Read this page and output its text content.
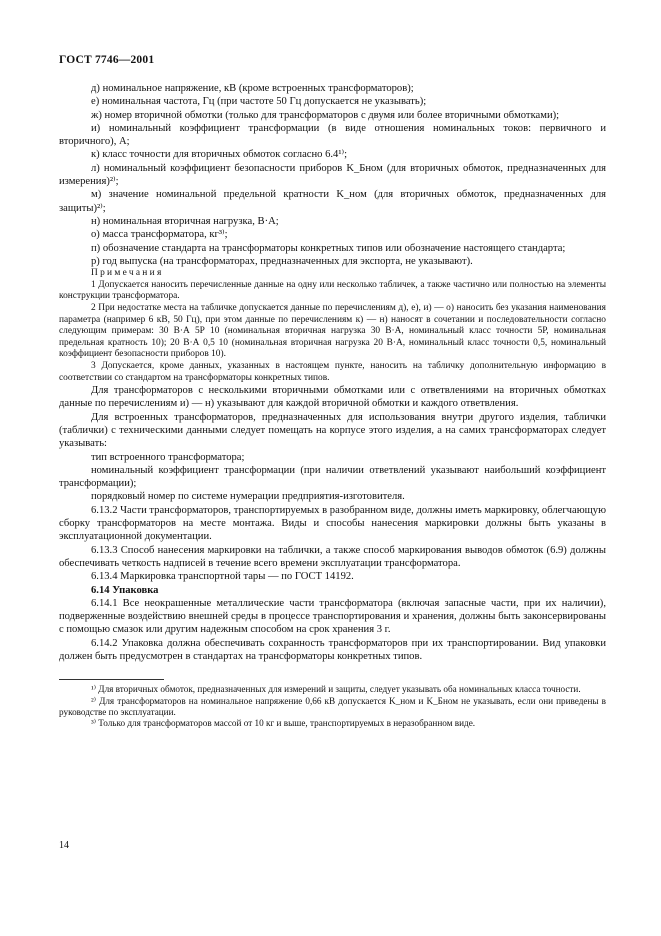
ГОСТ 7746—2001

д) номинальное напряжение, кВ (кроме встроенных трансформаторов);

е) номинальная частота, Гц (при частоте 50 Гц допускается не указывать);

ж) номер вторичной обмотки (только для трансформаторов с двумя или более вторичными обмотками);

и) номинальный коэффициент трансформации (в виде отношения номинальных токов: первичного и вторичного), А;

к) класс точности для вторичных обмоток согласно 6.4¹⁾;

л) номинальный коэффициент безопасности приборов K_Бном (для вторичных обмоток, предназначенных для измерения)²⁾;

м) значение номинальной предельной кратности K_ном (для вторичных обмоток, предназначенных для защиты)²⁾;

н) номинальная вторичная нагрузка, В·А;

о) масса трансформатора, кг³⁾;

п) обозначение стандарта на трансформаторы конкретных типов или обозначение настоящего стандарта;

р) год выпуска (на трансформаторах, предназначенных для экспорта, не указывают).

Примечания

1 Допускается наносить перечисленные данные на одну или несколько табличек, а также частично или полностью на элементы конструкции трансформатора.

2 При недостатке места на табличке допускается данные по перечислениям д), е), и) — о) наносить без указания наименования параметра (например 6 кВ, 50 Гц), при этом данные по перечислениям к) — н) наносят в сочетании и последовательности согласно следующим примерам: 30 В·А 5Р 10 (номинальная вторичная нагрузка 30 В·А, номинальный класс точности 5Р, номинальная предельная кратность 10); 20 В·А 0,5 10 (номинальная вторичная нагрузка 20 В·А, номинальный класс точности 0,5, номинальный коэффициент безопасности приборов 10).

3 Допускается, кроме данных, указанных в настоящем пункте, наносить на табличку дополнительную информацию в соответствии со стандартом на трансформаторы конкретных типов.

Для трансформаторов с несколькими вторичными обмотками или с ответвлениями на вторичных обмотках данные по перечислениям и) — н) указывают для каждой вторичной обмотки и каждого ответвления.

Для встроенных трансформаторов, предназначенных для использования внутри другого изделия, таблички (таблички) с техническими данными следует помещать на корпусе этого изделия, а на самих трансформаторах следует указывать:

тип встроенного трансформатора;

номинальный коэффициент трансформации (при наличии ответвлений указывают наибольший коэффициент трансформации);

порядковый номер по системе нумерации предприятия-изготовителя.

6.13.2 Части трансформаторов, транспортируемых в разобранном виде, должны иметь маркировку, облегчающую сборку трансформаторов на месте монтажа. Виды и способы нанесения маркировки должны быть указаны в эксплуатационной документации.

6.13.3 Способ нанесения маркировки на таблички, а также способ маркирования выводов обмоток (6.9) должны обеспечивать четкость надписей в течение всего времени эксплуатации трансформатора.

6.13.4 Маркировка транспортной тары — по ГОСТ 14192.

6.14 Упаковка

6.14.1 Все неокрашенные металлические части трансформатора (включая запасные части, при их наличии), подверженные воздействию внешней среды в процессе транспортирования и хранения, должны быть законсервированы с помощью смазок или другим надежным способом на срок хранения 3 г.

6.14.2 Упаковка должна обеспечивать сохранность трансформаторов при их транспортировании. Вид упаковки должен быть предусмотрен в стандартах на трансформаторы конкретных типов.

¹⁾ Для вторичных обмоток, предназначенных для измерений и защиты, следует указывать оба номинальных класса точности.

²⁾ Для трансформаторов на номинальное напряжение 0,66 кВ допускается K_ном и K_Бном не указывать, если они приведены в руководстве по эксплуатации.

³⁾ Только для трансформаторов массой от 10 кг и выше, транспортируемых в неразобранном виде.

14
